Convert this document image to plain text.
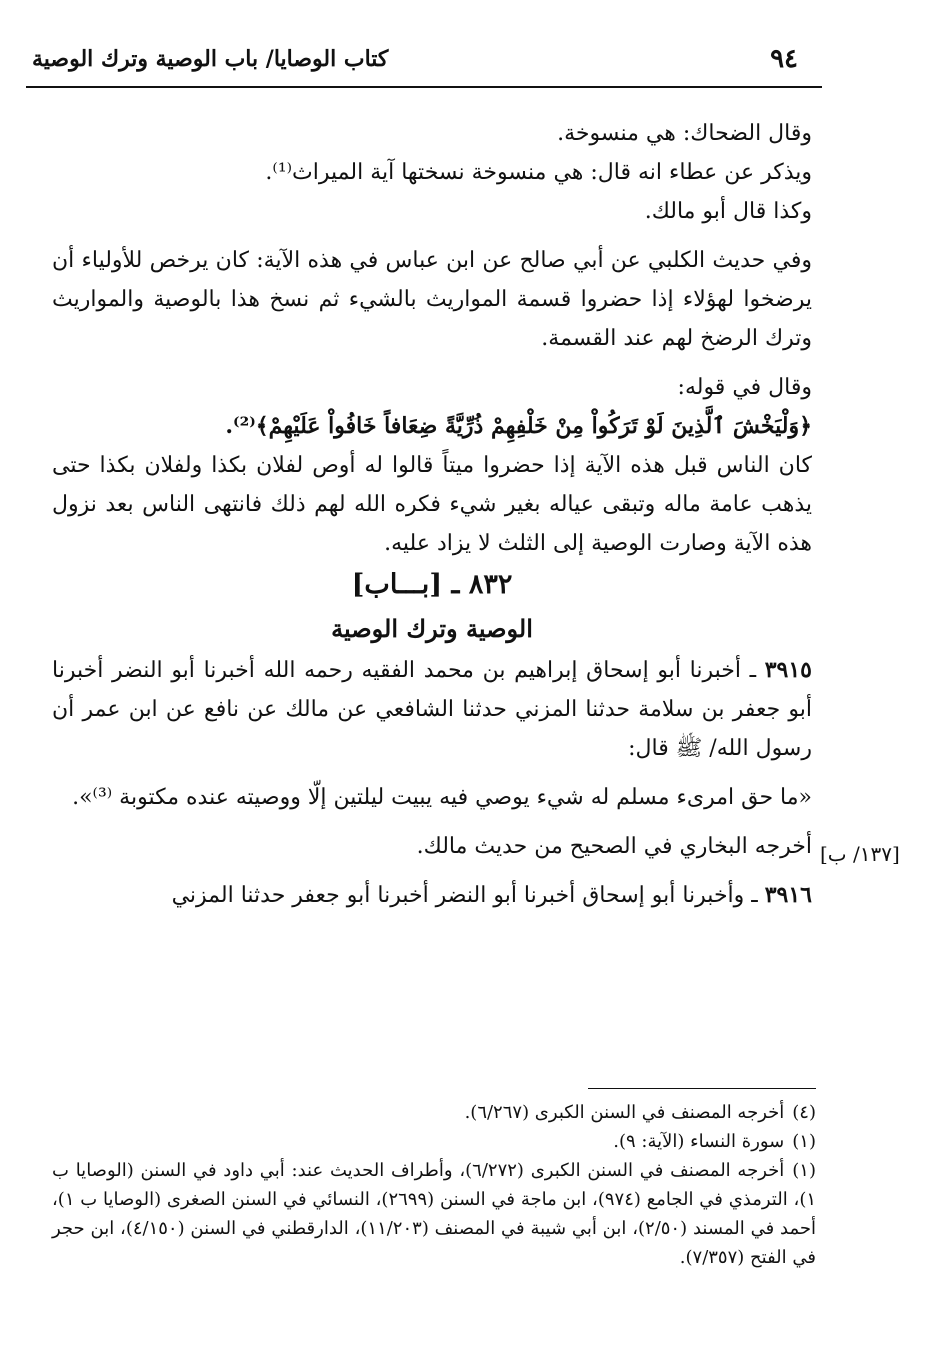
٩٤
كتاب الوصايا/ باب الوصية وترك الوصية

وقال الضحاك: هي منسوخة.

ويذكر عن عطاء انه قال: هي منسوخة نسختها آية الميراث⁽¹⁾.

وكذا قال أبو مالك.

وفي حديث الكلبي عن أبي صالح عن ابن عباس في هذه الآية: كان يرخص للأولياء أن يرضخوا لهؤلاء إذا حضروا قسمة المواريث بالشيء ثم نسخ هذا بالوصية والمواريث وترك الرضخ لهم عند القسمة.

وقال في قوله:

﴿وَلْيَخْشَ ٱلَّذِينَ لَوْ تَرَكُواْ مِنْ خَلْفِهِمْ ذُرِّيَّةً ضِعَافاً خَافُواْ عَلَيْهِمْ﴾⁽²⁾.

كان الناس قبل هذه الآية إذا حضروا ميتاً قالوا له أوص لفلان بكذا ولفلان بكذا حتى يذهب عامة ماله وتبقى عياله بغير شيء فكره الله لهم ذلك فانتهى الناس بعد نزول هذه الآية وصارت الوصية إلى الثلث لا يزاد عليه.

٨٣٢ ـ [بـــاب]

الوصية وترك الوصية

٣٩١٥ ـ أخبرنا أبو إسحاق إبراهيم بن محمد الفقيه رحمه الله أخبرنا أبو النضر أخبرنا أبو جعفر بن سلامة حدثنا المزني حدثنا الشافعي عن مالك عن نافع عن ابن عمر أن رسول الله/ ﷺ قال:

«ما حق امرىء مسلم له شيء يوصي فيه يبيت ليلتين إلّا ووصيته عنده مكتوبة ⁽³⁾».

أخرجه البخاري في الصحيح من حديث مالك.

٣٩١٦ ـ وأخبرنا أبو إسحاق أخبرنا أبو النضر أخبرنا أبو جعفر حدثنا المزني

[١٣٧/ ب]

(٤)أخرجه المصنف في السنن الكبرى (٦/٢٦٧).

(١)سورة النساء (الآية: ٩).

(١)أخرجه المصنف في السنن الكبرى (٦/٢٧٢)، وأطراف الحديث عند: أبي داود في السنن (الوصايا ب ١)، الترمذي في الجامع (٩٧٤)، ابن ماجة في السنن (٢٦٩٩)، النسائي في السنن الصغرى (الوصايا ب ١)، أحمد في المسند (٢/٥٠)، ابن أبي شيبة في المصنف (١١/٢٠٣)، الدارقطني في السنن (٤/١٥٠)، ابن حجر في الفتح (٧/٣٥٧).
